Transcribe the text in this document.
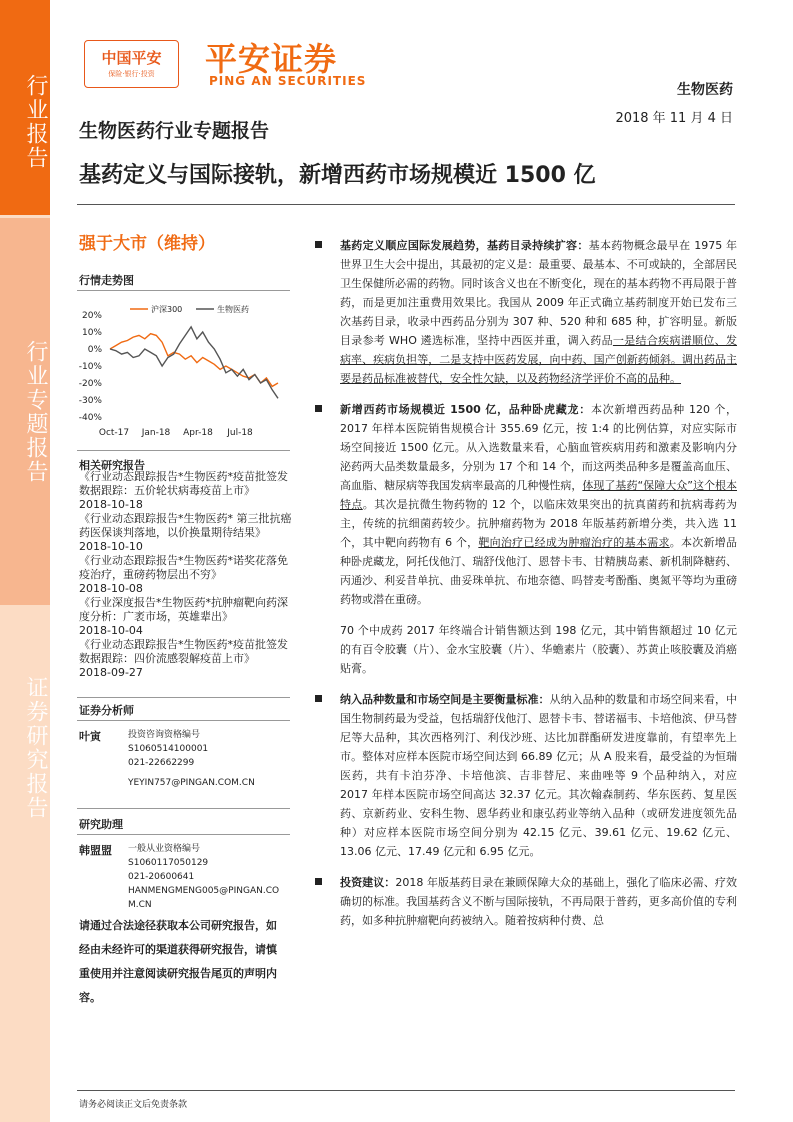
行业报告
行业专题报告
证券研究报告
中国平安
保险·银行·投资	平安证券
PING AN SECURITIES
生物医药
2018 年 11 月 4 日
生物医药行业专题报告
基药定义与国际接轨，新增西药市场规模近 1500 亿
强于大市（维持）
行情走势图
20%
10%
0%
-10%
-20%
-30%
-40%
Oct-17 Jan-18 Apr-18 Jul-18
沪深300	生物医药
相关研究报告
《行业动态跟踪报告*生物医药*疫苗批签发数据跟踪：五价轮状病毒疫苗上市》
2018-10-18
《行业动态跟踪报告*生物医药* 第三批抗癌药医保谈判落地，以价换量期待结果》 2018-10-10
《行业动态跟踪报告*生物医药*诺奖花落免疫治疗，重磅药物层出不穷》
2018-10-08
《行业深度报告*生物医药*抗肿瘤靶向药深度分析：广袤市场，英雄辈出》
2018-10-04
《行业动态跟踪报告*生物医药*疫苗批签发数据跟踪：四价流感裂解疫苗上市》
2018-09-27
证券分析师
叶寅	投资咨询资格编号
S1060514100001
021-22662299
YEYIN757@PINGAN.COM.CN
研究助理
韩盟盟 一般从业资格编号
S1060117050129
021-20600641
HANMENGMENG005@PINGAN.CO
M.CN
请通过合法途径获取本公司研究报告，如经由未经许可的渠道获得研究报告，请慎重使用并注意阅读研究报告尾页的声明内容。
基药定义顺应国际发展趋势，基药目录持续扩容：基本药物概念最早在 1975 年世界卫生大会中提出，其最初的定义是：最重要、最基本、不可或缺的，全部居民卫生保健所必需的药物。同时该含义也在不断变化，现在的基本药物不再局限于普药，而是更加注重费用效果比。我国从 2009 年正式确立基药制度开始已发布三次基药目录，收录中西药品分别为 307 种、520 种和 685 种，扩容明显。新版目录参考 WHO 遴选标准，坚持中西医并重，调入药品一是结合疾病谱顺位、发病率、疾病负担等，二是支持中医药发展，向中药、国产创新药倾斜。调出药品主要是药品标准被替代，安全性欠缺，以及药物经济学评价不高的品种。
新增西药市场规模近 1500 亿，品种卧虎藏龙：本次新增西药品种 120 个，2017 年样本医院销售规模合计 355.69 亿元，按 1:4 的比例估算，对应实际市场空间接近 1500 亿元。从入选数量来看，心脑血管疾病用药和激素及影响内分泌药两大品类数量最多，分别为 17 个和 14 个，而这两类品种多是覆盖高血压、高血脂、糖尿病等我国发病率最高的几种慢性病，体现了基药“保障大众”这个根本特点。其次是抗微生物药物的 12 个，以临床效果突出的抗真菌药和抗病毒药为主，传统的抗细菌药较少。抗肿瘤药物为 2018 年版基药新增分类，共入选 11 个，其中靶向药物有 6 个，靶向治疗已经成为肿瘤治疗的基本需求。本次新增品种卧虎藏龙，阿托伐他汀、瑞舒伐他汀、恩替卡韦、甘精胰岛素、新机制降糖药、丙通沙、利妥昔单抗、曲妥珠单抗、布地奈德、吗替麦考酚酯、奥氮平等均为重磅药物或潜在重磅。
70 个中成药 2017 年终端合计销售额达到 198 亿元，其中销售额超过 10 亿元的有百令胶囊（片）、金水宝胶囊（片）、华蟾素片（胶囊）、苏黄止咳胶囊及消癌贴膏。
纳入品种数量和市场空间是主要衡量标准：从纳入品种的数量和市场空间来看，中国生物制药最为受益，包括瑞舒伐他汀、恩替卡韦、替诺福韦、卡培他滨、伊马替尼等大品种，其次西格列汀、利伐沙班、达比加群酯研发进度靠前，有望率先上市。整体对应样本医院市场空间达到 66.89 亿元；从 A 股来看，最受益的为恒瑞医药，共有卡泊芬净、卡培他滨、吉非替尼、来曲唑等 9 个品种纳入，对应 2017 年样本医院市场空间高达 32.37 亿元。其次翰森制药、华东医药、复星医药、京新药业、安科生物、恩华药业和康弘药业等纳入品种（或研发进度领先品种）对应样本医院市场空间分别为 42.15 亿元、39.61 亿元、19.62 亿元、13.06 亿元、17.49 亿元和 6.95 亿元。
投资建议：2018 年版基药目录在兼顾保障大众的基础上，强化了临床必需、疗效确切的标准。我国基药含义不断与国际接轨，不再局限于普药，更多高价值的专利药，如多种抗肿瘤靶向药被纳入。随着按病种付费、总
请务必阅读正文后免责条款
